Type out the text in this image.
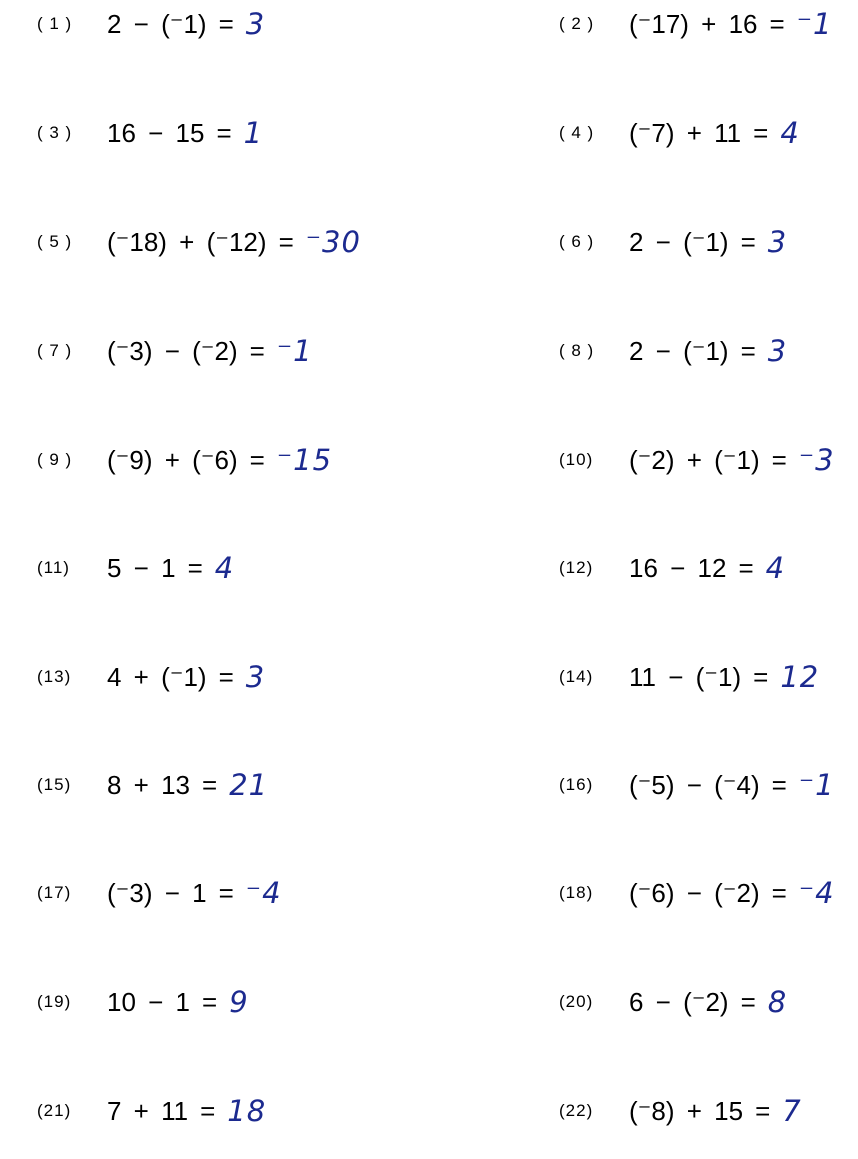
( 1 )	2 − (⁻1) = 3	( 2 )	(⁻17) + 16 = ⁻1
( 3 )	16 − 15 = 1	( 4 )	(⁻7) + 11 = 4
( 5 )	(⁻18) + (⁻12) = ⁻30	( 6 )	2 − (⁻1) = 3
( 7 )	(⁻3) − (⁻2) = ⁻1	( 8 )	2 − (⁻1) = 3
( 9 )	(⁻9) + (⁻6) = ⁻15	(10)	(⁻2) + (⁻1) = ⁻3
(11)	5 − 1 = 4	(12)	16 − 12 = 4
(13)	4 + (⁻1) = 3	(14)	11 − (⁻1) = 12
(15)	8 + 13 = 21	(16)	(⁻5) − (⁻4) = ⁻1
(17)	(⁻3) − 1 = ⁻4	(18)	(⁻6) − (⁻2) = ⁻4
(19)	10 − 1 = 9	(20)	6 − (⁻2) = 8
(21)	7 + 11 = 18	(22)	(⁻8) + 15 = 7
